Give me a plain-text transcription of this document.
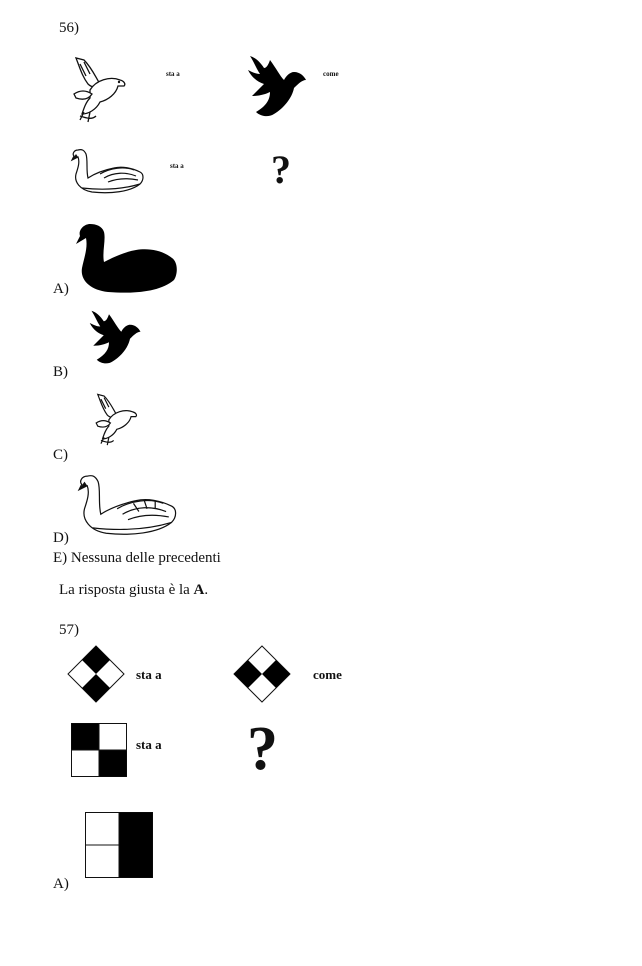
56)
sta a	come
sta a ?
A)
B)
C)
D)
E) Nessuna delle precedenti
La risposta giusta è la A.
57)
sta a	come
sta a ?
A)
